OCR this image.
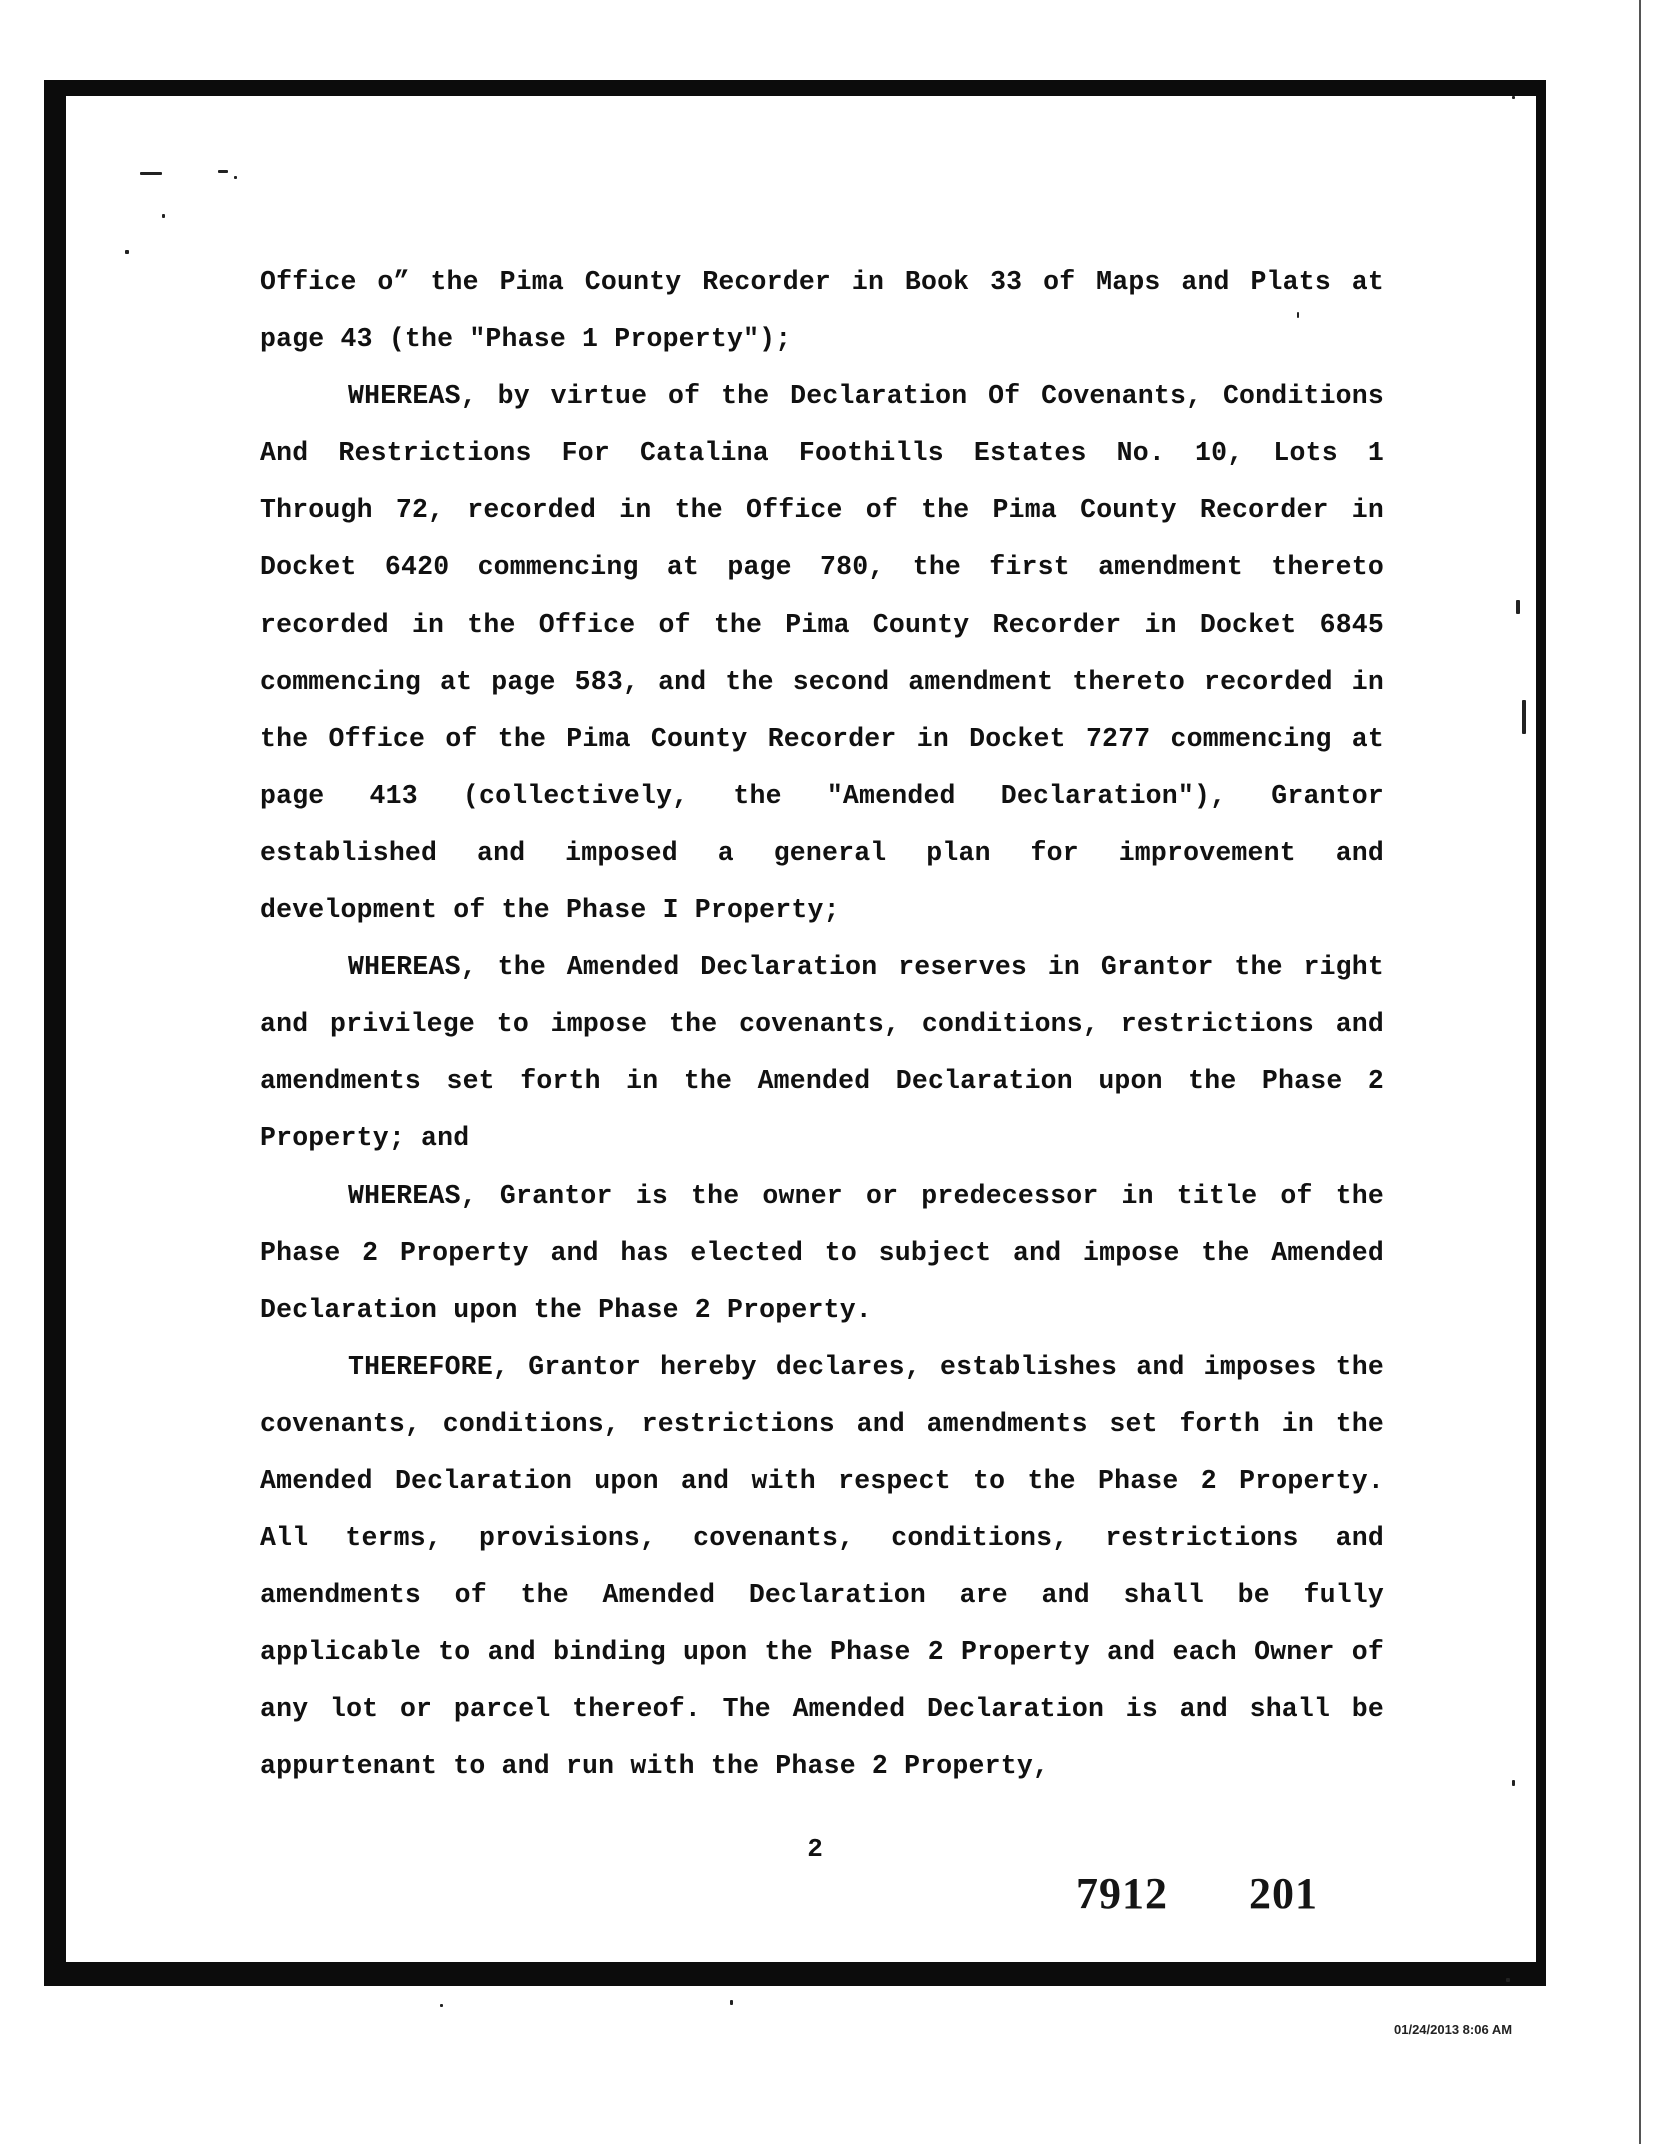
Office o” the Pima County Recorder in Book 33 of Maps and Plats at page 43 (the "Phase 1 Property");

WHEREAS, by virtue of the Declaration Of Covenants, Conditions And Restrictions For Catalina Foothills Estates No. 10, Lots 1 Through 72, recorded in the Office of the Pima County Recorder in Docket 6420 commencing at page 780, the first amendment thereto recorded in the Office of the Pima County Recorder in Docket 6845 commencing at page 583, and the second amendment thereto recorded in the Office of the Pima County Recorder in Docket 7277 commencing at page 413 (collectively, the "Amended Declaration"), Grantor established and imposed a general plan for improvement and development of the Phase I Property;

WHEREAS, the Amended Declaration reserves in Grantor the right and privilege to impose the covenants, conditions, restrictions and amendments set forth in the Amended Declaration upon the Phase 2 Property; and

WHEREAS, Grantor is the owner or predecessor in title of the Phase 2 Property and has elected to subject and impose the Amended Declaration upon the Phase 2 Property.

THEREFORE, Grantor hereby declares, establishes and imposes the covenants, conditions, restrictions and amendments set forth in the Amended Declaration upon and with respect to the Phase 2 Property. All terms, provisions, covenants, conditions, restrictions and amendments of the Amended Declaration are and shall be fully applicable to and binding upon the Phase 2 Property and each Owner of any lot or parcel thereof. The Amended Declaration is and shall be appurtenant to and run with the Phase 2 Property,

2
7912 201
01/24/2013 8:06 AM
